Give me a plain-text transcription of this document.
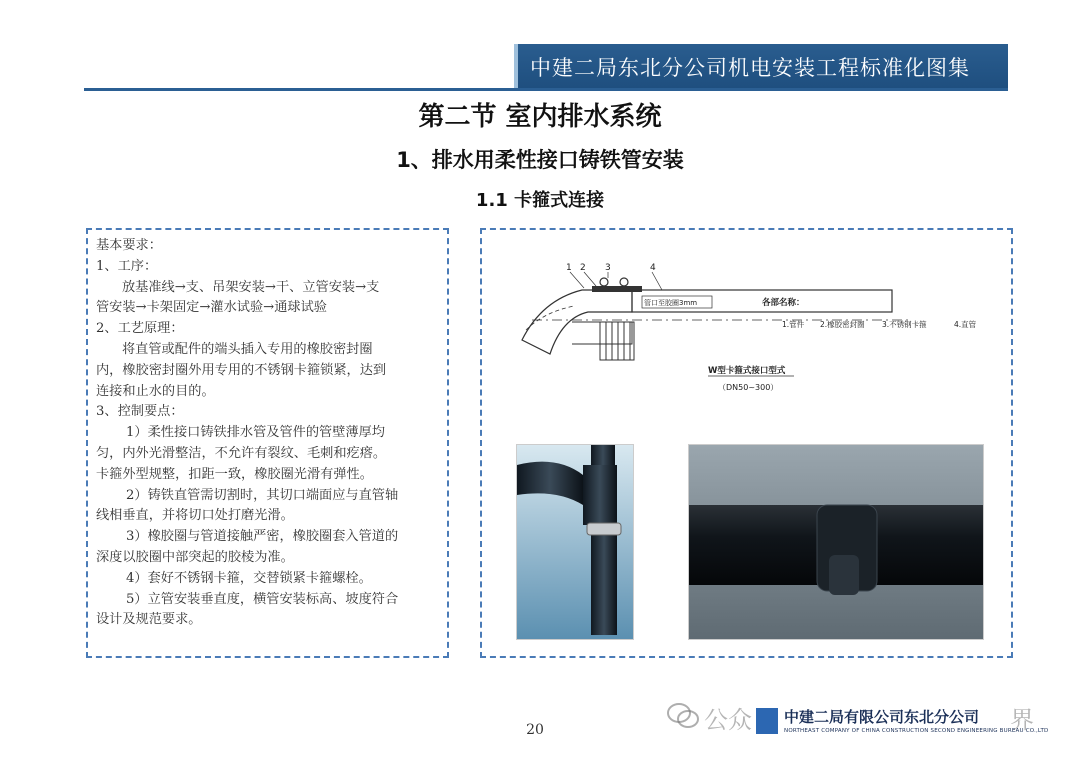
中建二局东北分公司机电安装工程标准化图集
第二节 室内排水系统
1、排水用柔性接口铸铁管安装
1.1 卡箍式连接

基本要求：

1、工序：

放基准线→支、吊架安装→干、立管安装→支

管安装→卡架固定→灌水试验→通球试验

2、工艺原理：

将直管或配件的端头插入专用的橡胶密封圈

内，橡胶密封圈外用专用的不锈钢卡箍锁紧，达到

连接和止水的目的。

3、控制要点：

1）柔性接口铸铁排水管及管件的管壁薄厚均

匀，内外光滑整洁，不允许有裂纹、毛刺和疙瘩。

卡箍外型规整，扣距一致，橡胶圈光滑有弹性。

2）铸铁直管需切割时，其切口端面应与直管轴

线相垂直，并将切口处打磨光滑。

3）橡胶圈与管道接触严密，橡胶圈套入管道的

深度以胶圈中部突起的胶棱为准。

4）套好不锈钢卡箍，交替锁紧卡箍螺栓。

5）立管安装垂直度，横管安装标高、坡度符合

设计及规范要求。

管口至胶圈3mm
1 2 3	4
各部名称：
1.管件 2.橡胶密封圈 3.不锈钢卡箍	4.直管
W型卡箍式接口型式
（DN50~300）
20	公众	界
中建二局有限公司东北分公司
NORTHEAST COMPANY OF CHINA CONSTRUCTION SECOND ENGINEERING BUREAU CO.,LTD
